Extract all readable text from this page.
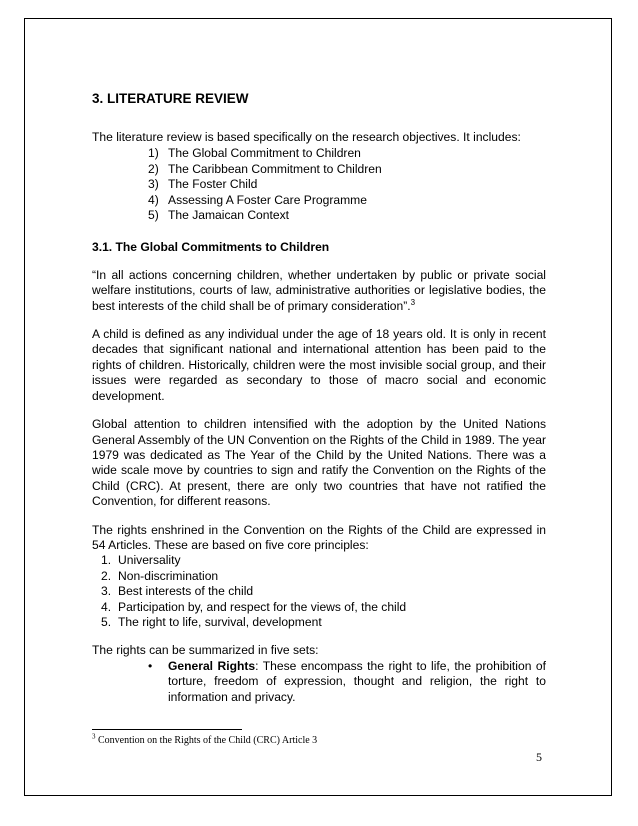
3. LITERATURE REVIEW

The literature review is based specifically on the research objectives. It includes:

1) The Global Commitment to Children
2) The Caribbean Commitment to Children
3) The Foster Child
4) Assessing A Foster Care Programme
5) The Jamaican Context
3.1. The Global Commitments to Children

“In all actions concerning children, whether undertaken by public or private social welfare institutions, courts of law, administrative authorities or legislative bodies, the best interests of the child shall be of primary consideration”.$^3$

A child is defined as any individual under the age of 18 years old. It is only in recent decades that significant national and international attention has been paid to the rights of children. Historically, children were the most invisible social group, and their issues were regarded as secondary to those of macro social and economic development.

Global attention to children intensified with the adoption by the United Nations General Assembly of the UN Convention on the Rights of the Child in 1989. The year 1979 was dedicated as The Year of the Child by the United Nations. There was a wide scale move by countries to sign and ratify the Convention on the Rights of the Child (CRC). At present, there are only two countries that have not ratified the Convention, for different reasons.

The rights enshrined in the Convention on the Rights of the Child are expressed in 54 Articles. These are based on five core principles:

1. Universality
2. Non-discrimination
3. Best interests of the child
4. Participation by, and respect for the views of, the child
5. The right to life, survival, development

The rights can be summarized in five sets:

• General Rights: These encompass the right to life, the prohibition of torture, freedom of expression, thought and religion, the right to information and privacy.
$^3$ Convention on the Rights of the Child (CRC) Article 3
5
